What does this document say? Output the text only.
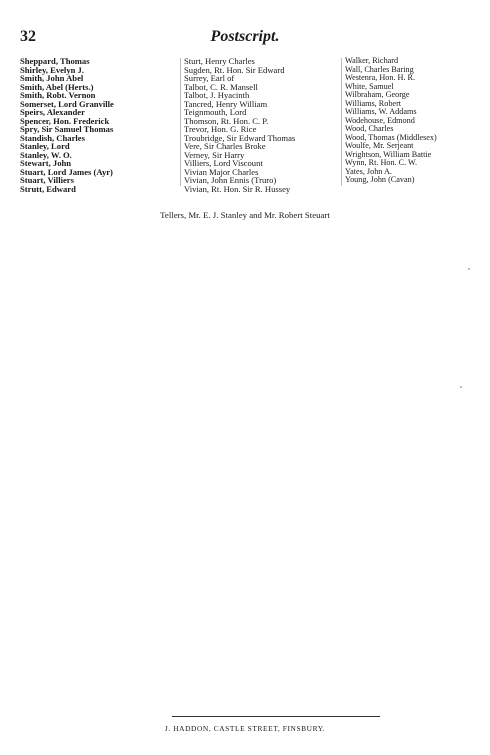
32	Postscript.
Sheppard, Thomas
Shirley, Evelyn J.
Smith, John Abel
Smith, Abel (Herts.)
Smith, Robt. Vernon
Somerset, Lord Granville
Speirs, Alexander
Spencer, Hon. Frederick
Spry, Sir Samuel Thomas
Standish, Charles
Stanley, Lord
Stanley, W. O.
Stewart, John
Stuart, Lord James (Ayr)
Stuart, Villiers
Strutt, Edward
Sturt, Henry Charles
Sugden, Rt. Hon. Sir Edward
Surrey, Earl of
Talbot, C. R. Mansell
Talbot, J. Hyacinth
Tancred, Henry William
Teignmouth, Lord
Thomson, Rt. Hon. C. P.
Trevor, Hon. G. Rice
Troubridge, Sir Edward Thomas
Vere, Sir Charles Broke
Verney, Sir Harry
Villiers, Lord Viscount
Vivian Major Charles
Vivian, John Ennis (Truro)
Vivian, Rt. Hon. Sir R. Hussey
Walker, Richard
Wall, Charles Baring
Westenra, Hon. H. R.
White, Samuel
Wilbraham, George
Williams, Robert
Williams, W. Addams
Wodehouse, Edmond
Wood, Charles
Wood, Thomas (Middlesex)
Woulfe, Mr. Serjeant
Wrightson, William Battie
Wynn, Rt. Hon. C. W.
Yates, John A.
Young, John (Cavan)
Tellers, Mr. E. J. Stanley and Mr. Robert Steuart
J. HADDON, CASTLE STREET, FINSBURY.
